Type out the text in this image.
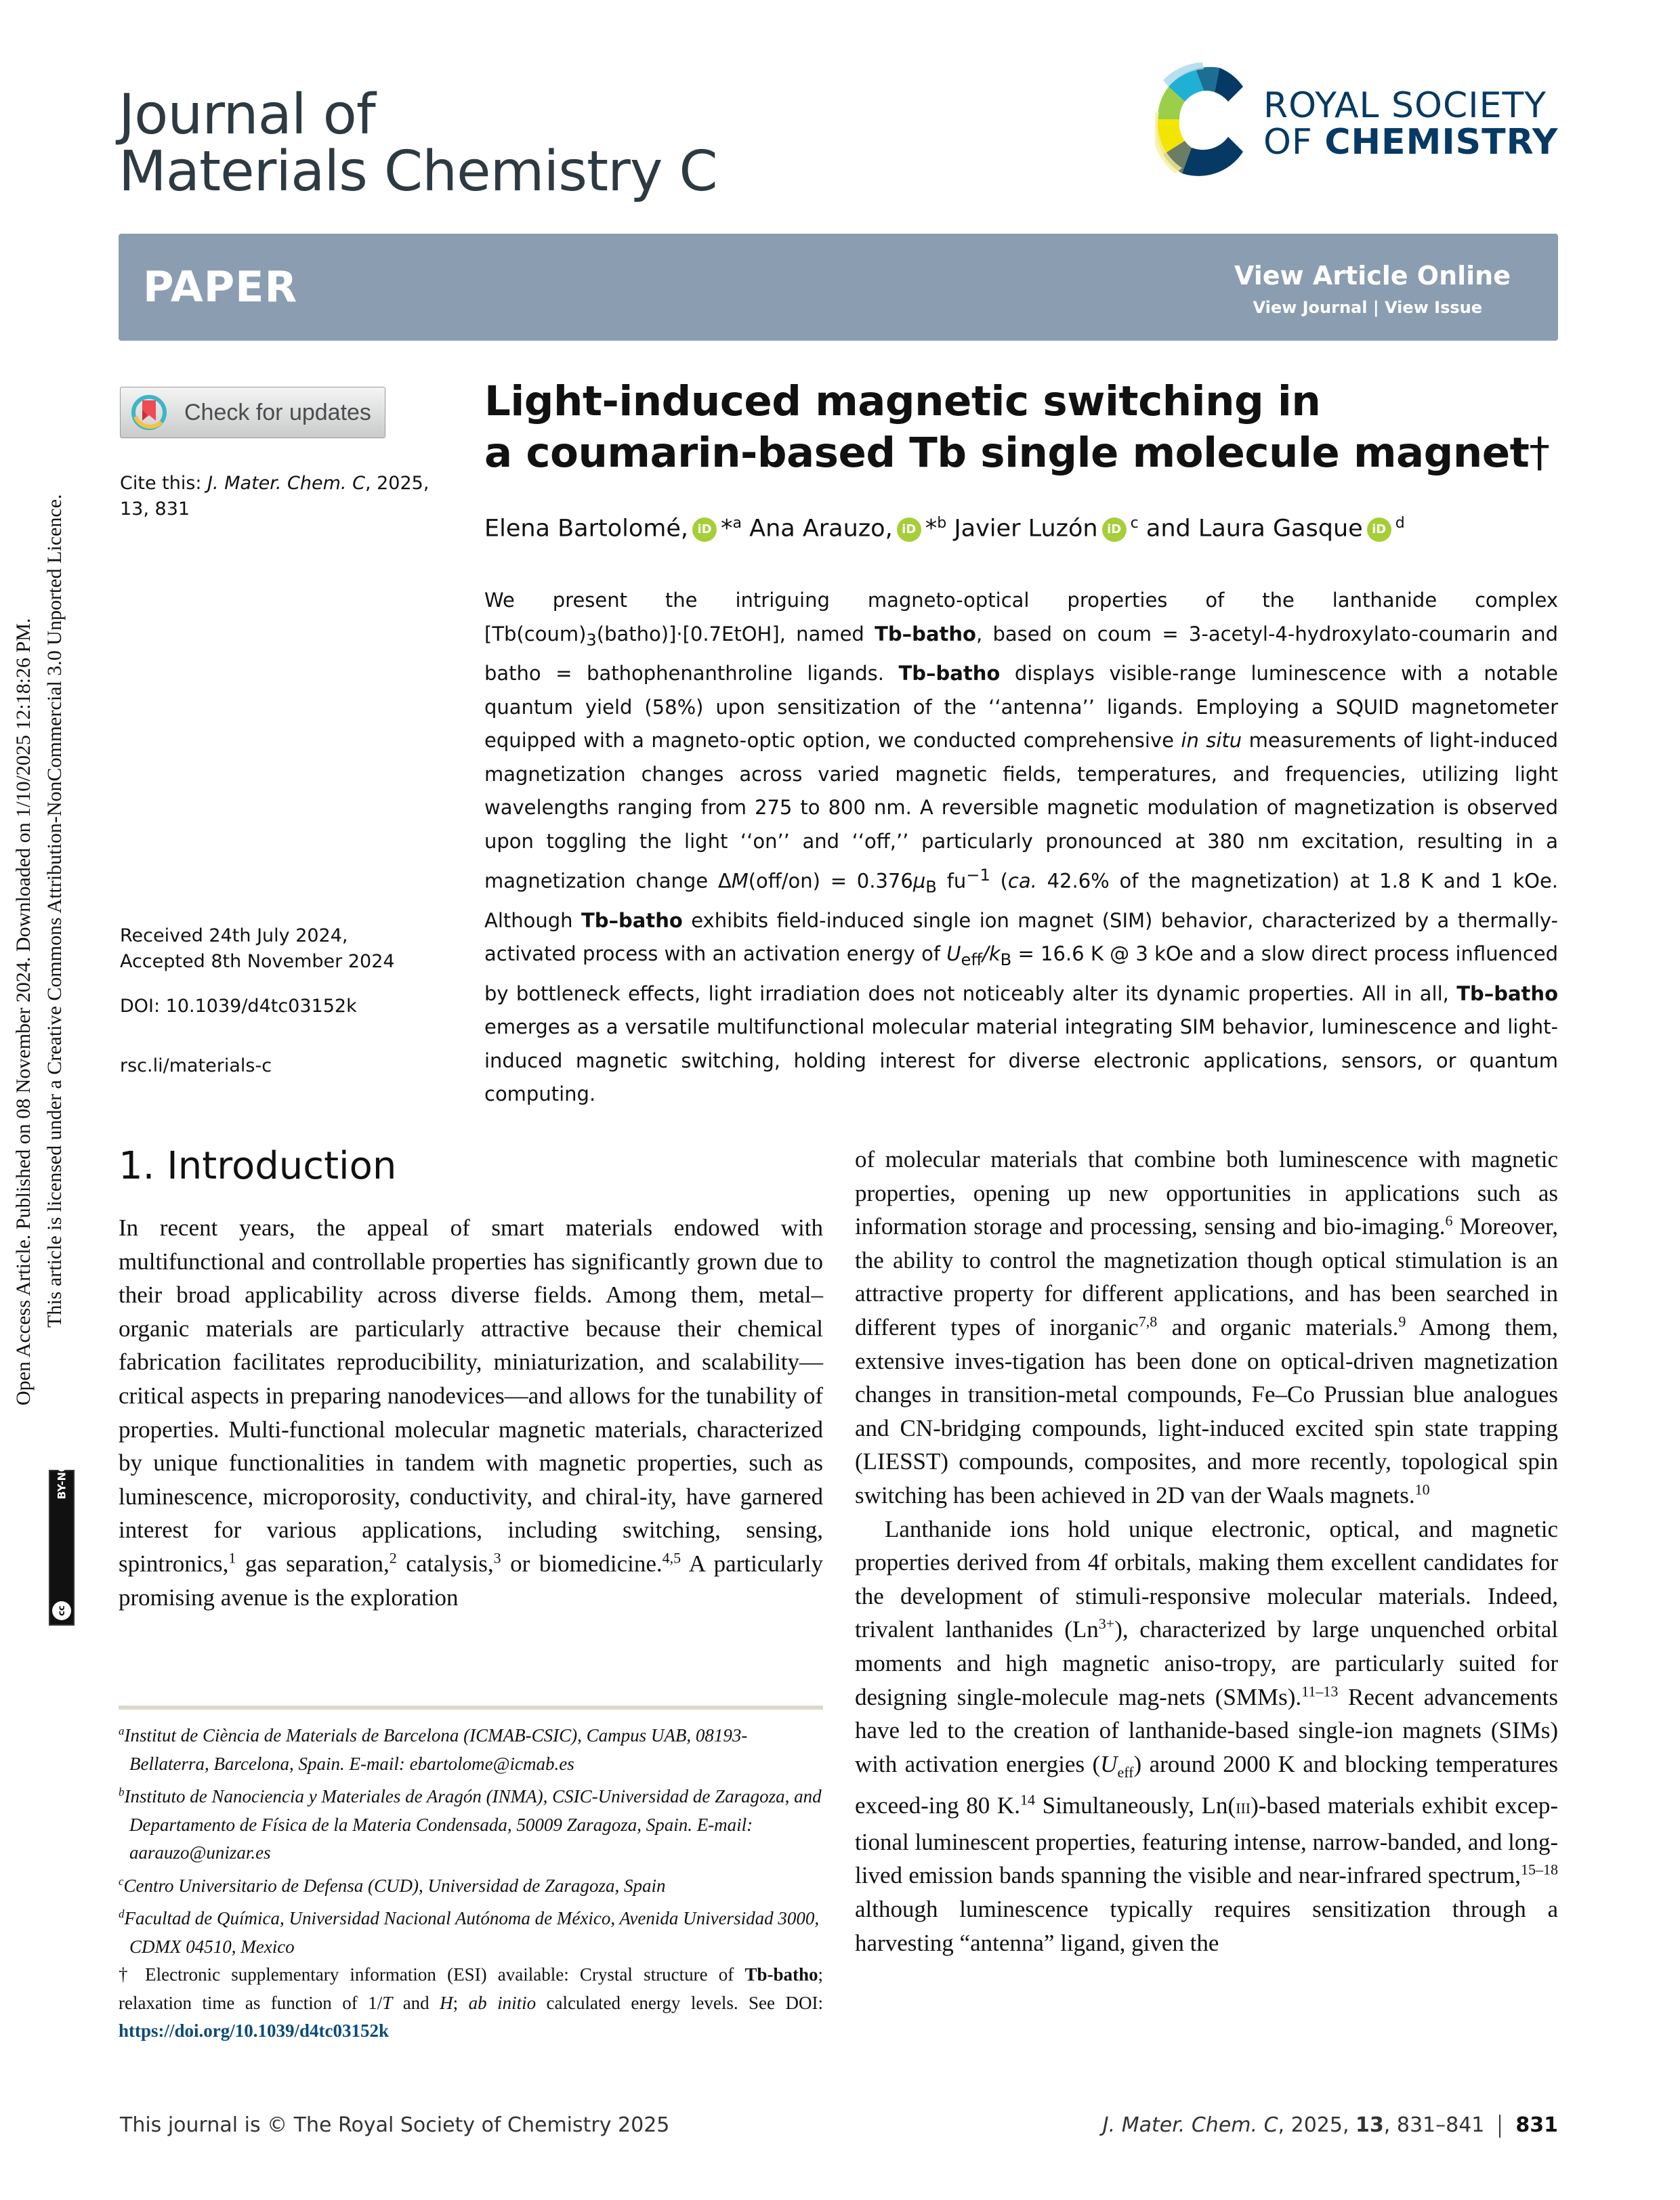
Open Access Article. Published on 08 November 2024. Downloaded on 1/10/2025 12:18:26 PM. This article is licensed under a Creative Commons Attribution-NonCommercial 3.0 Unported Licence.
BY-NC
cc
Journal of
Materials Chemistry C
ROYAL SOCIETY
OF CHEMISTRY
PAPER	View Article Online
View Journal | View Issue
Check for updates
Cite this: J. Mater. Chem. C, 2025,
13, 831
Received 24th July 2024,
Accepted 8th November 2024
DOI: 10.1039/d4tc03152k
rsc.li/materials-c
Light-induced magnetic switching in
a coumarin-based Tb single molecule magnet†
Elena Bartolomé, iD *$^a$ Ana Arauzo, iD *$^b$ Javier Luzón iD $^c$ and Laura Gasque iD $^d$
We present the intriguing magneto-optical properties of the lanthanide complex $[Tb(coum)_3(batho)]\cdot[0.7EtOH]$, named Tb–batho, based on coum = 3-acetyl-4-hydroxylato-coumarin and batho = bathophenanthroline ligands. Tb–batho displays visible-range luminescence with a notable quantum yield (58%) upon sensitization of the ‘‘antenna’’ ligands. Employing a SQUID magnetometer equipped with a magneto-optic option, we conducted comprehensive in situ measurements of light-induced magnetization changes across varied magnetic fields, temperatures, and frequencies, utilizing light wavelengths ranging from 275 to 800 nm. A reversible magnetic modulation of magnetization is observed upon toggling the light ‘‘on’’ and ‘‘off,’’ particularly pronounced at 380 nm excitation, resulting in a magnetization change $\Delta M(off/on) = 0.376\mu_B$ $fu^{-1}$ (ca. 42.6% of the magnetization) at 1.8 K and 1 kOe. Although Tb–batho exhibits field-induced single ion magnet (SIM) behavior, characterized by a thermally-activated process with an activation energy of $U_{eff}/k_B = 16.6$ K @ 3 kOe and a slow direct process influenced by bottleneck effects, light irradiation does not noticeably alter its dynamic properties. All in all, Tb–batho emerges as a versatile multifunctional molecular material integrating SIM behavior, luminescence and light-induced magnetic switching, holding interest for diverse electronic applications, sensors, or quantum computing.
1. Introduction

In recent years, the appeal of smart materials endowed with multifunctional and controllable properties has significantly grown due to their broad applicability across diverse fields. Among them, metal–organic materials are particularly attractive because their chemical fabrication facilitates reproducibility, miniaturization, and scalability—critical aspects in preparing nanodevices—and allows for the tunability of properties. Multi-functional molecular magnetic materials, characterized by unique functionalities in tandem with magnetic properties, such as luminescence, microporosity, conductivity, and chiral-ity, have garnered interest for various applications, including switching, sensing, spintronics,$^1$ gas separation,$^2$ catalysis,$^3$ or biomedicine.$^{4,5}$ A particularly promising avenue is the exploration

of molecular materials that combine both luminescence with magnetic properties, opening up new opportunities in applications such as information storage and processing, sensing and bio-imaging.$^6$ Moreover, the ability to control the magnetization though optical stimulation is an attractive property for different applications, and has been searched in different types of inorganic$^{7,8}$ and organic materials.$^9$ Among them, extensive inves-tigation has been done on optical-driven magnetization changes in transition-metal compounds, Fe–Co Prussian blue analogues and CN-bridging compounds, light-induced excited spin state trapping (LIESST) compounds, composites, and more recently, topological spin switching has been achieved in 2D van der Waals magnets.$^{10}$

Lanthanide ions hold unique electronic, optical, and magnetic properties derived from 4f orbitals, making them excellent candidates for the development of stimuli-responsive molecular materials. Indeed, trivalent lanthanides $(Ln^{3+})$, characterized by large unquenched orbital moments and high magnetic aniso-tropy, are particularly suited for designing single-molecule mag-nets (SMMs).$^{11-13}$ Recent advancements have led to the creation of lanthanide-based single-ion magnets (SIMs) with activation energies $(U_{eff})$ around 2000 K and blocking temperatures exceed-ing 80 K.$^{14}$ Simultaneously, Ln(III)-based materials exhibit excep-tional luminescent properties, featuring intense, narrow-banded, and long-lived emission bands spanning the visible and near-infrared spectrum,$^{15-18}$ although luminescence typically requires sensitization through a harvesting “antenna” ligand, given the

$^a$Institut de Ciència de Materials de Barcelona (ICMAB-CSIC), Campus UAB, 08193-Bellaterra, Barcelona, Spain. E-mail: ebartolome@icmab.es
$^b$Instituto de Nanociencia y Materiales de Aragón (INMA), CSIC-Universidad de Zaragoza, and Departamento de Física de la Materia Condensada, 50009 Zaragoza, Spain. E-mail: aarauzo@unizar.es
$^c$Centro Universitario de Defensa (CUD), Universidad de Zaragoza, Spain
$^d$Facultad de Química, Universidad Nacional Autónoma de México, Avenida Universidad 3000, CDMX 04510, Mexico
† Electronic supplementary information (ESI) available: Crystal structure of Tb-batho; relaxation time as function of 1/T and H; ab initio calculated energy levels. See DOI: https://doi.org/10.1039/d4tc03152k
This journal is © The Royal Society of Chemistry 2025	J. Mater. Chem. C, 2025, 13, 831–841 831
